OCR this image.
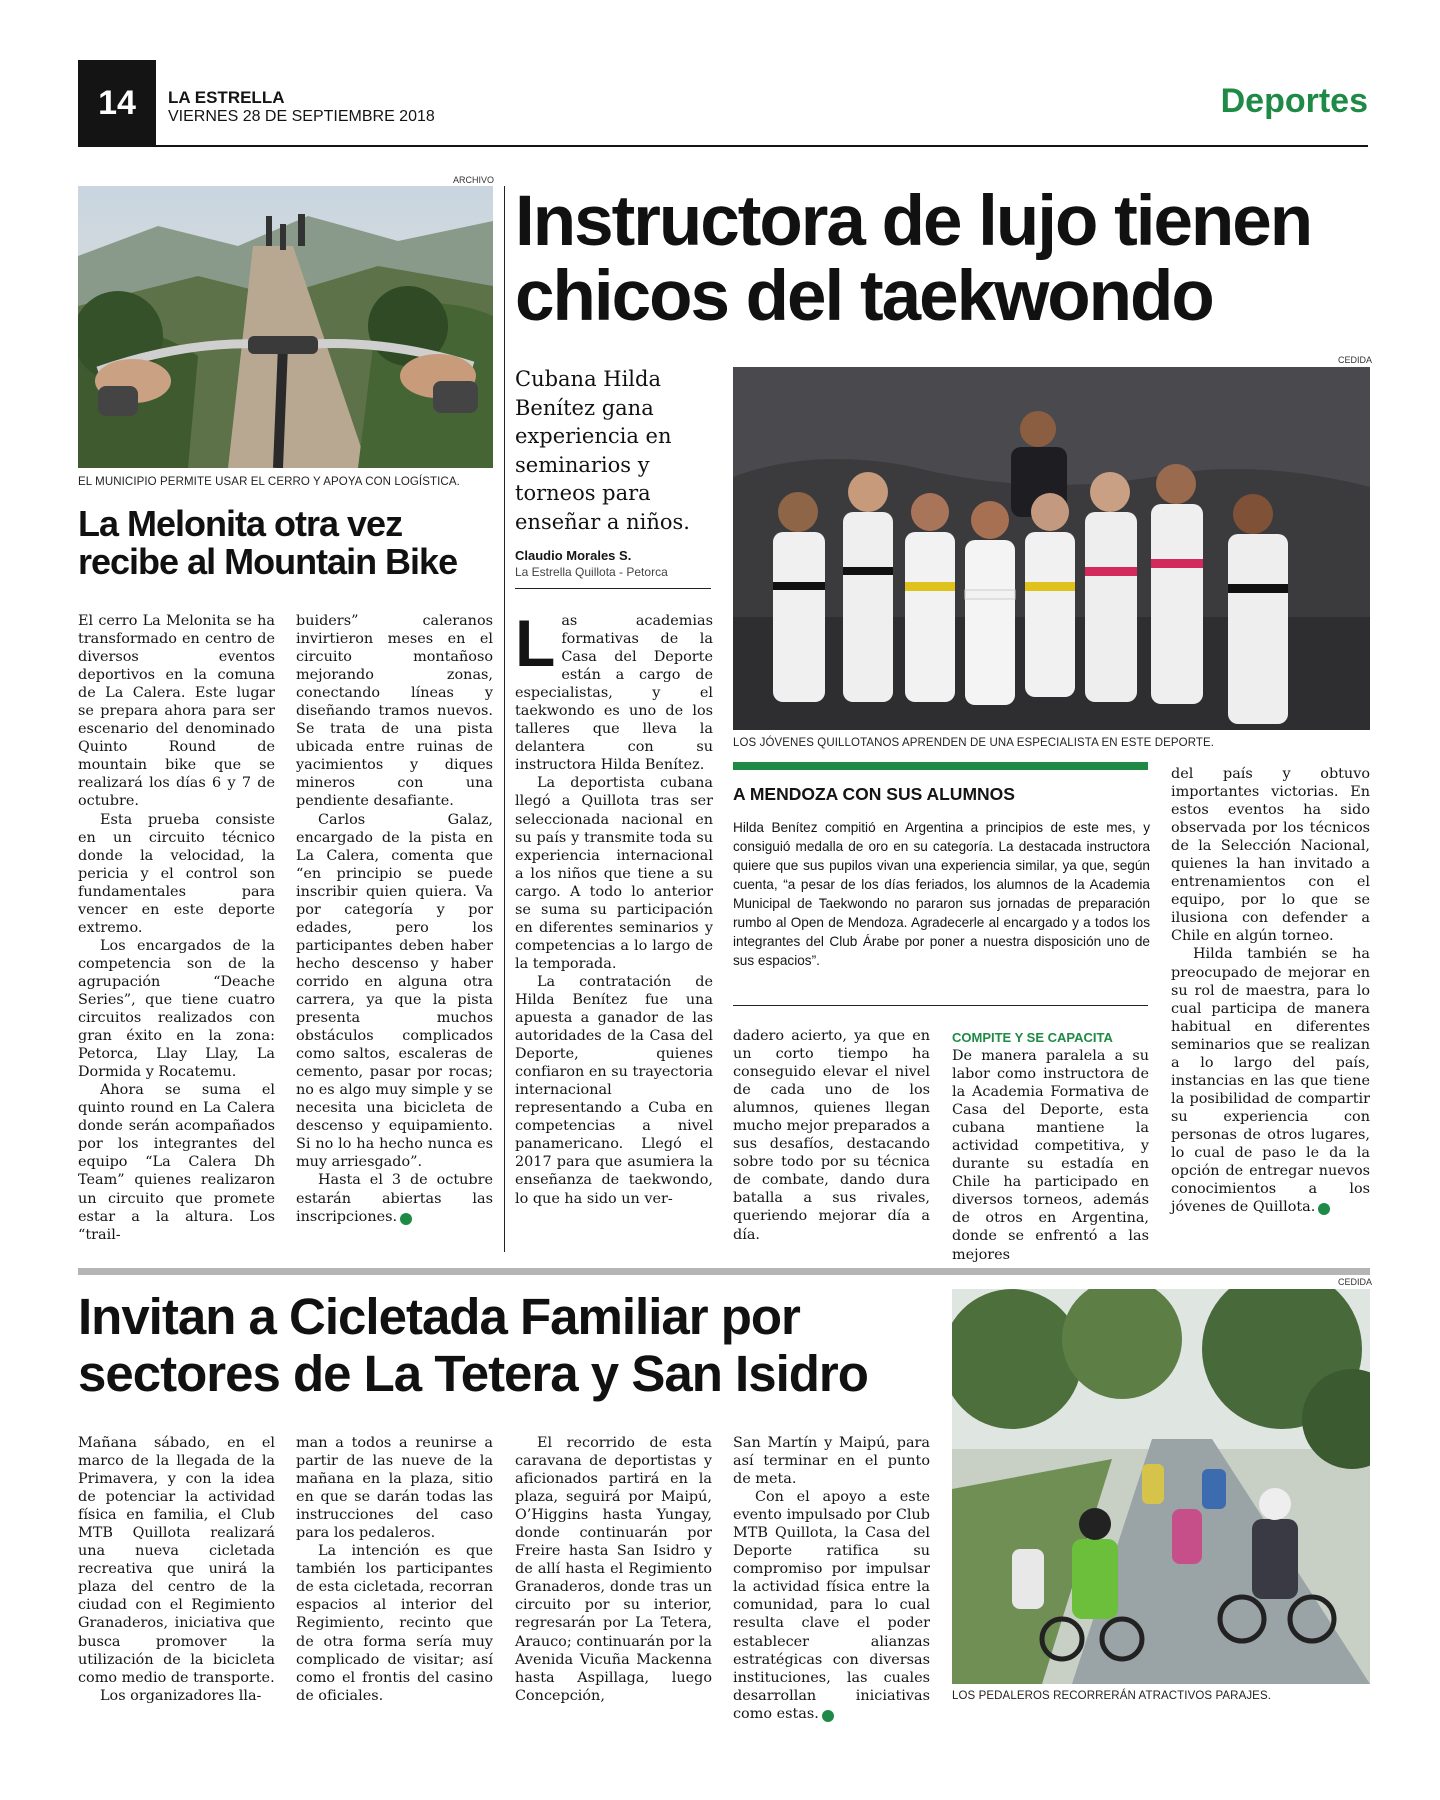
14	LA ESTRELLA
VIERNES 28 DE SEPTIEMBRE 2018	Deportes
ARCHIVO
EL MUNICIPIO PERMITE USAR EL CERRO Y APOYA CON LOGÍSTICA.
La Melonita otra vez recibe al Mountain Bike

El cerro La Melonita se ha transformado en centro de diversos eventos deportivos en la comuna de La Calera. Este lugar se prepara ahora para ser escenario del denominado Quinto Round de mountain bike que se realizará los días 6 y 7 de octubre.

Esta prueba consiste en un circuito técnico donde la velocidad, la pericia y el control son fundamentales para vencer en este deporte extremo.

Los encargados de la competencia son de la agrupación “Deache Series”, que tiene cuatro circuitos realizados con gran éxito en la zona: Petorca, Llay Llay, La Dormida y Rocatemu.

Ahora se suma el quinto round en La Calera donde serán acompañados por los integrantes del equipo “La Calera Dh Team” quienes realizaron un circuito que promete estar a la altura. Los “trail-

buiders” caleranos invirtieron meses en el circuito montañoso mejorando zonas, conectando líneas y diseñando tramos nuevos. Se trata de una pista ubicada entre ruinas de yacimientos y diques mineros con una pendiente desafiante.

Carlos Galaz, encargado de la pista en La Calera, comenta que “en principio se puede inscribir quien quiera. Va por categoría y por edades, pero los participantes deben haber hecho descenso y haber corrido en alguna otra carrera, ya que la pista presenta muchos obstáculos complicados como saltos, escaleras de cemento, pasar por rocas; no es algo muy simple y se necesita una bicicleta de descenso y equipamiento. Si no lo ha hecho nunca es muy arriesgado”.

Hasta el 3 de octubre estarán abiertas las inscripciones.	✓

Instructora de lujo tienen chicos del taekwondo
Cubana Hilda Benítez gana experiencia en seminarios y torneos para enseñar a niños.
Claudio Morales S.
La Estrella Quillota - Petorca
CEDIDA
LOS JÓVENES QUILLOTANOS APRENDEN DE UNA ESPECIALISTA EN ESTE DEPORTE.

Las academias formativas de la Casa del Deporte están a cargo de especialistas, y el taekwondo es uno de los talleres que lleva la delantera con su instructora Hilda Benítez.

La deportista cubana llegó a Quillota tras ser seleccionada nacional en su país y transmite toda su experiencia internacional a los niños que tiene a su cargo. A todo lo anterior se suma su participación en diferentes seminarios y competencias a lo largo de la temporada.

La contratación de Hilda Benítez fue una apuesta a ganador de las autoridades de la Casa del Deporte, quienes confiaron en su trayectoria internacional representando a Cuba en competencias a nivel panamericano. Llegó el 2017 para que asumiera la enseñanza de taekwondo, lo que ha sido un ver-

A MENDOZA CON SUS ALUMNOS
Hilda Benítez compitió en Argentina a principios de este mes, y consiguió medalla de oro en su categoría. La destacada instructora quiere que sus pupilos vivan una experiencia similar, ya que, según cuenta, “a pesar de los días feriados, los alumnos de la Academia Municipal de Taekwondo no pararon sus jornadas de preparación rumbo al Open de Mendoza. Agradecerle al encargado y a todos los integrantes del Club Árabe por poner a nuestra disposición uno de sus espacios”.

dadero acierto, ya que en un corto tiempo ha conseguido elevar el nivel de cada uno de los alumnos, quienes llegan mucho mejor preparados a sus desafíos, destacando sobre todo por su técnica de combate, dando dura batalla a sus rivales, queriendo mejorar día a día.

COMPITE Y SE CAPACITA

De manera paralela a su labor como instructora de la Academia Formativa de Casa del Deporte, esta cubana mantiene la actividad competitiva, y durante su estadía en Chile ha participado en diversos torneos, además de otros en Argentina, donde se enfrentó a las mejores

del país y obtuvo importantes victorias. En estos eventos ha sido observada por los técnicos de la Selección Nacional, quienes la han invitado a entrenamientos con el equipo, por lo que se ilusiona con defender a Chile en algún torneo.

Hilda también se ha preocupado de mejorar en su rol de maestra, para lo cual participa de manera habitual en diferentes seminarios que se realizan a lo largo del país, instancias en las que tiene la posibilidad de compartir su experiencia con personas de otros lugares, lo cual de paso le da la opción de entregar nuevos conocimientos a los jóvenes de Quillota.	✓

Invitan a Cicletada Familiar por sectores de La Tetera y San Isidro

Mañana sábado, en el marco de la llegada de la Primavera, y con la idea de potenciar la actividad física en familia, el Club MTB Quillota realizará una nueva cicletada recreativa que unirá la plaza del centro de la ciudad con el Regimiento Granaderos, iniciativa que busca promover la utilización de la bicicleta como medio de transporte.

Los organizadores lla-

man a todos a reunirse a partir de las nueve de la mañana en la plaza, sitio en que se darán todas las instrucciones del caso para los pedaleros.

La intención es que también los participantes de esta cicletada, recorran espacios al interior del Regimiento, recinto que de otra forma sería muy complicado de visitar; así como el frontis del casino de oficiales.

El recorrido de esta caravana de deportistas y aficionados partirá en la plaza, seguirá por Maipú, O’Higgins hasta Yungay, donde continuarán por Freire hasta San Isidro y de allí hasta el Regimiento Granaderos, donde tras un circuito por su interior, regresarán por La Tetera, Arauco; continuarán por la Avenida Vicuña Mackenna hasta Aspillaga, luego Concepción,

San Martín y Maipú, para así terminar en el punto de meta.

Con el apoyo a este evento impulsado por Club MTB Quillota, la Casa del Deporte ratifica su compromiso por impulsar la actividad física entre la comunidad, para lo cual resulta clave el poder establecer alianzas estratégicas con diversas instituciones, las cuales desarrollan iniciativas como estas.	✓

CEDIDA
LOS PEDALEROS RECORRERÁN ATRACTIVOS PARAJES.
